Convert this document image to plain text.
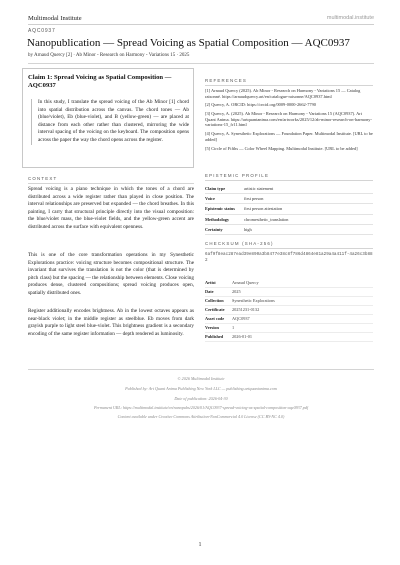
Multimodal Institute	multimodal.institute
AQC0937
Nanopublication — Spread Voicing as Spatial Composition — AQC0937
by Arnaud Quercy [2] · Ab Minor - Research on Harmony - Variations 15 · 2025
Claim 1: Spread Voicing as Spatial Composition — AQC0937
In this study, I translate the spread voicing of the Ab Minor [1] chord into spatial distribution across the canvas. The chord tones — Ab (blue/violet), Eb (blue-violet), and B (yellow-green) — are placed at distance from each other rather than clustered, mirroring the wide interval spacing of the voicing on the keyboard. The composition opens across the paper the way the chord opens across the register.
CONTEXT

Spread voicing is a piano technique in which the tones of a chord are distributed across a wide register rather than played in close position. The interval relationships are preserved but expanded — the chord breathes. In this painting, I carry that structural principle directly into the visual composition: the blue/violet mass, the blue-violet fields, and the yellow-green accent are distributed across the surface with equivalent openness.

This is one of the core transformation operations in my Synesthetic Explorations practice: voicing structure becomes compositional structure. The invariant that survives the translation is not the color (that is determined by pitch class) but the spacing — the relationship between elements. Close voicing produces dense, clustered compositions; spread voicing produces open, spatially distributed ones.

Register additionally encodes brightness. Ab in the lowest octaves appears as near-black violet; in the middle register as steelblue. Eb moves from dark grayish purple to light steel blue-violet. This brightness gradient is a secondary encoding of the same register information — depth rendered as luminosity.

REFERENCES
[1] Arnaud Quercy (2025). Ab Minor - Research on Harmony - Variations 15 — Catalog raisonné. https://arnaudquercy.art/en/catalogue-raisonne/AQC0937.html
[2] Quercy, A. ORCID: https://orcid.org/0009-0000-2662-7790
[3] Quercy, A. (2025). Ab Minor - Research on Harmony - Variations 15 (AQC0937). Art Quant Anima. https://artquantanima.com/en/artworks/2025/12/ab-minor-research-on-harmony-variations-15_fr11.html
[4] Quercy, A. Synesthetic Explorations — Foundation Paper. Multimodal Institute. [URL to be added]
[5] Circle of Fifths — Color Wheel Mapping. Multimodal Institute. [URL to be added]
EPISTEMIC PROFILE
Claim type	artistic statement
Voice	first person
Epistemic status	first person attestation
Methodology	chromesthetic_translation
Certainty	high
CHECKSUM (SHA-256)
6af9f8eac287ead39e890a3b8477e38c8f786d4864e81a29a4a411f-4a26c3b882
Artist	Arnaud Quercy
Date	2025
Collection	Synesthetic Explorations
Certificate	20251231-0132
Asset code	AQC0937
Version	1
Published	2026-01-01
© 2026 Multimodal Institute
Published by: Art Quant Anima Publishing New York LLC — publishing.artquantanima.com
Date of publication: 2026-04-30
Permanent URL: https://multimodal.institute/en/nanopubs/2026/01/AQC0937-spread-voicing-as-spatial-composition-aqc0937.pdf
Content available under Creative Commons Attribution-NonCommercial 4.0 License (CC BY-NC 4.0)
1
